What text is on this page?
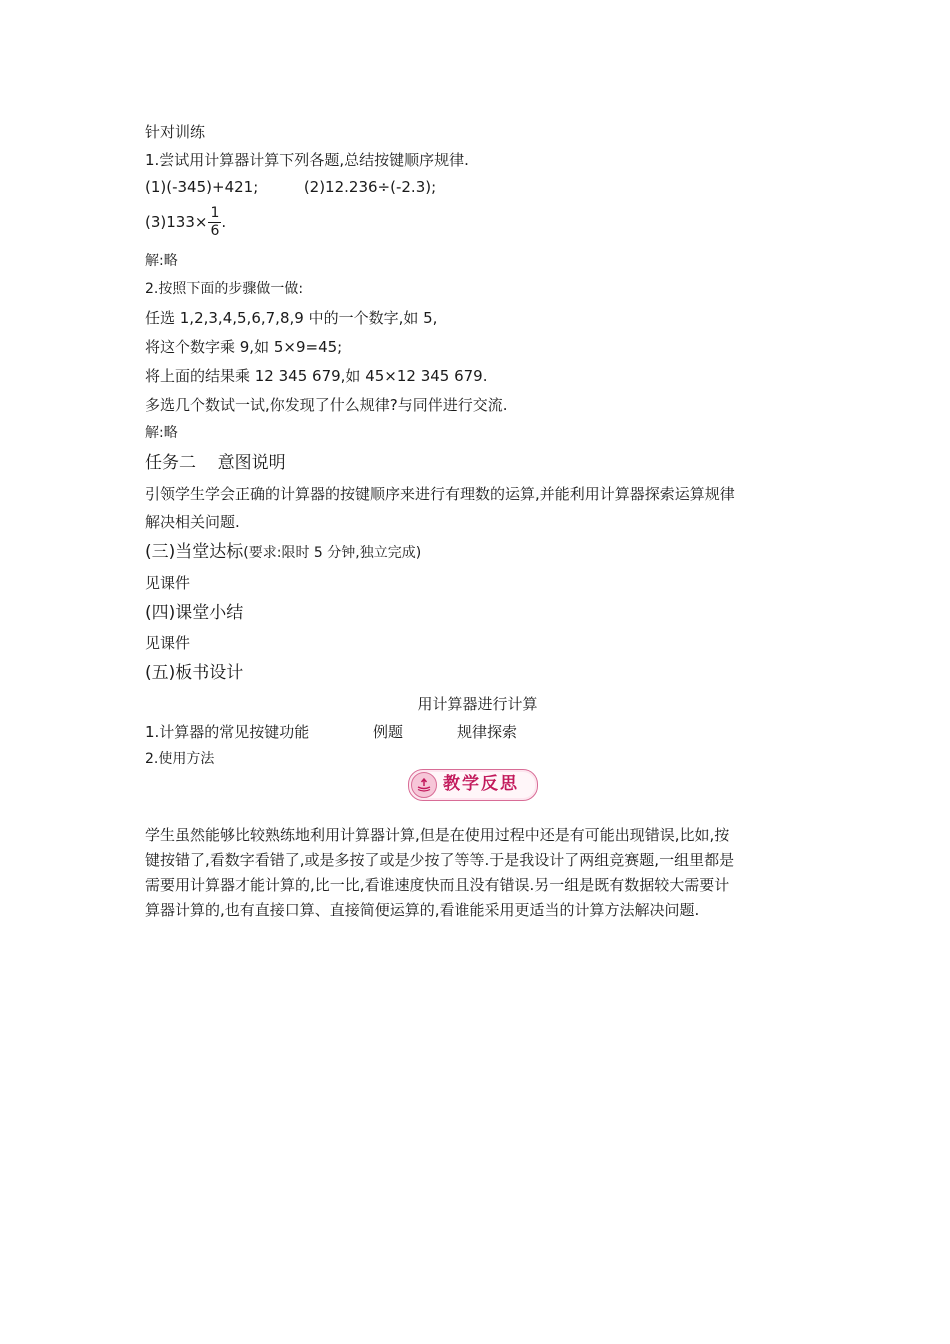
针对训练
1.尝试用计算器计算下列各题,总结按键顺序规律.
(1)(-345)+421;	(2)12.236÷(-2.3);
$(3)133\times \frac{1}{6}$ .
解:略
2.按照下面的步骤做一做:
任选 1,2,3,4,5,6,7,8,9 中的一个数字,如 5,
将这个数字乘 9,如 5×9=45;
将上面的结果乘 12 345 679,如 45×12 345 679.
多选几个数试一试,你发现了什么规律?与同伴进行交流.
解:略
任务二    意图说明
引领学生学会正确的计算器的按键顺序来进行有理数的运算,并能利用计算器探索运算规律
解决相关问题.
(三)当堂达标(要求:限时 5 分钟,独立完成)
见课件
(四)课堂小结
见课件
(五)板书设计
用计算器进行计算
1.计算器的常见按键功能	例题	规律探索
2.使用方法
教学反思
学生虽然能够比较熟练地利用计算器计算,但是在使用过程中还是有可能出现错误,比如,按
键按错了,看数字看错了,或是多按了或是少按了等等.于是我设计了两组竞赛题,一组里都是
需要用计算器才能计算的,比一比,看谁速度快而且没有错误.另一组是既有数据较大需要计
算器计算的,也有直接口算、直接简便运算的,看谁能采用更适当的计算方法解决问题.
